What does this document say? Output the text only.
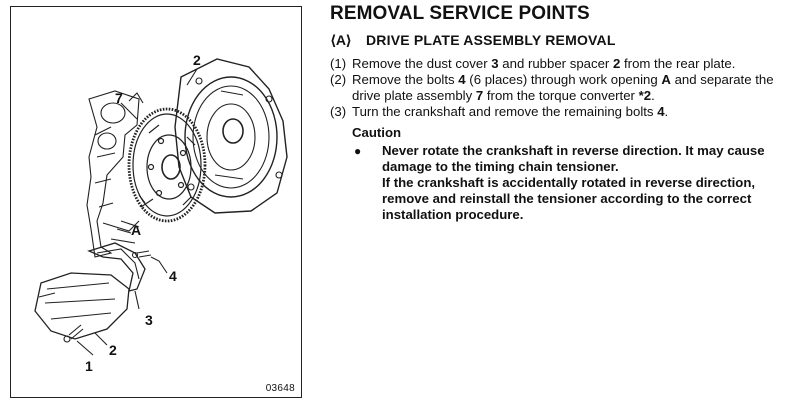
2
7
A
4
3
2
1
03648
REMOVAL SERVICE POINTS
⟨A⟩	DRIVE PLATE ASSEMBLY REMOVAL
(1) Remove the dust cover 3 and rubber spacer 2 from the rear plate.
(2) Remove the bolts 4 (6 places) through work opening A and separate the drive plate assembly 7 from the torque converter *2.
(3) Turn the crankshaft and remove the remaining bolts 4.
Caution
●	Never rotate the crankshaft in reverse direction. It may cause damage to the timing chain tensioner.
If the crankshaft is accidentally rotated in reverse direction, remove and reinstall the tensioner according to the correct installation procedure.
